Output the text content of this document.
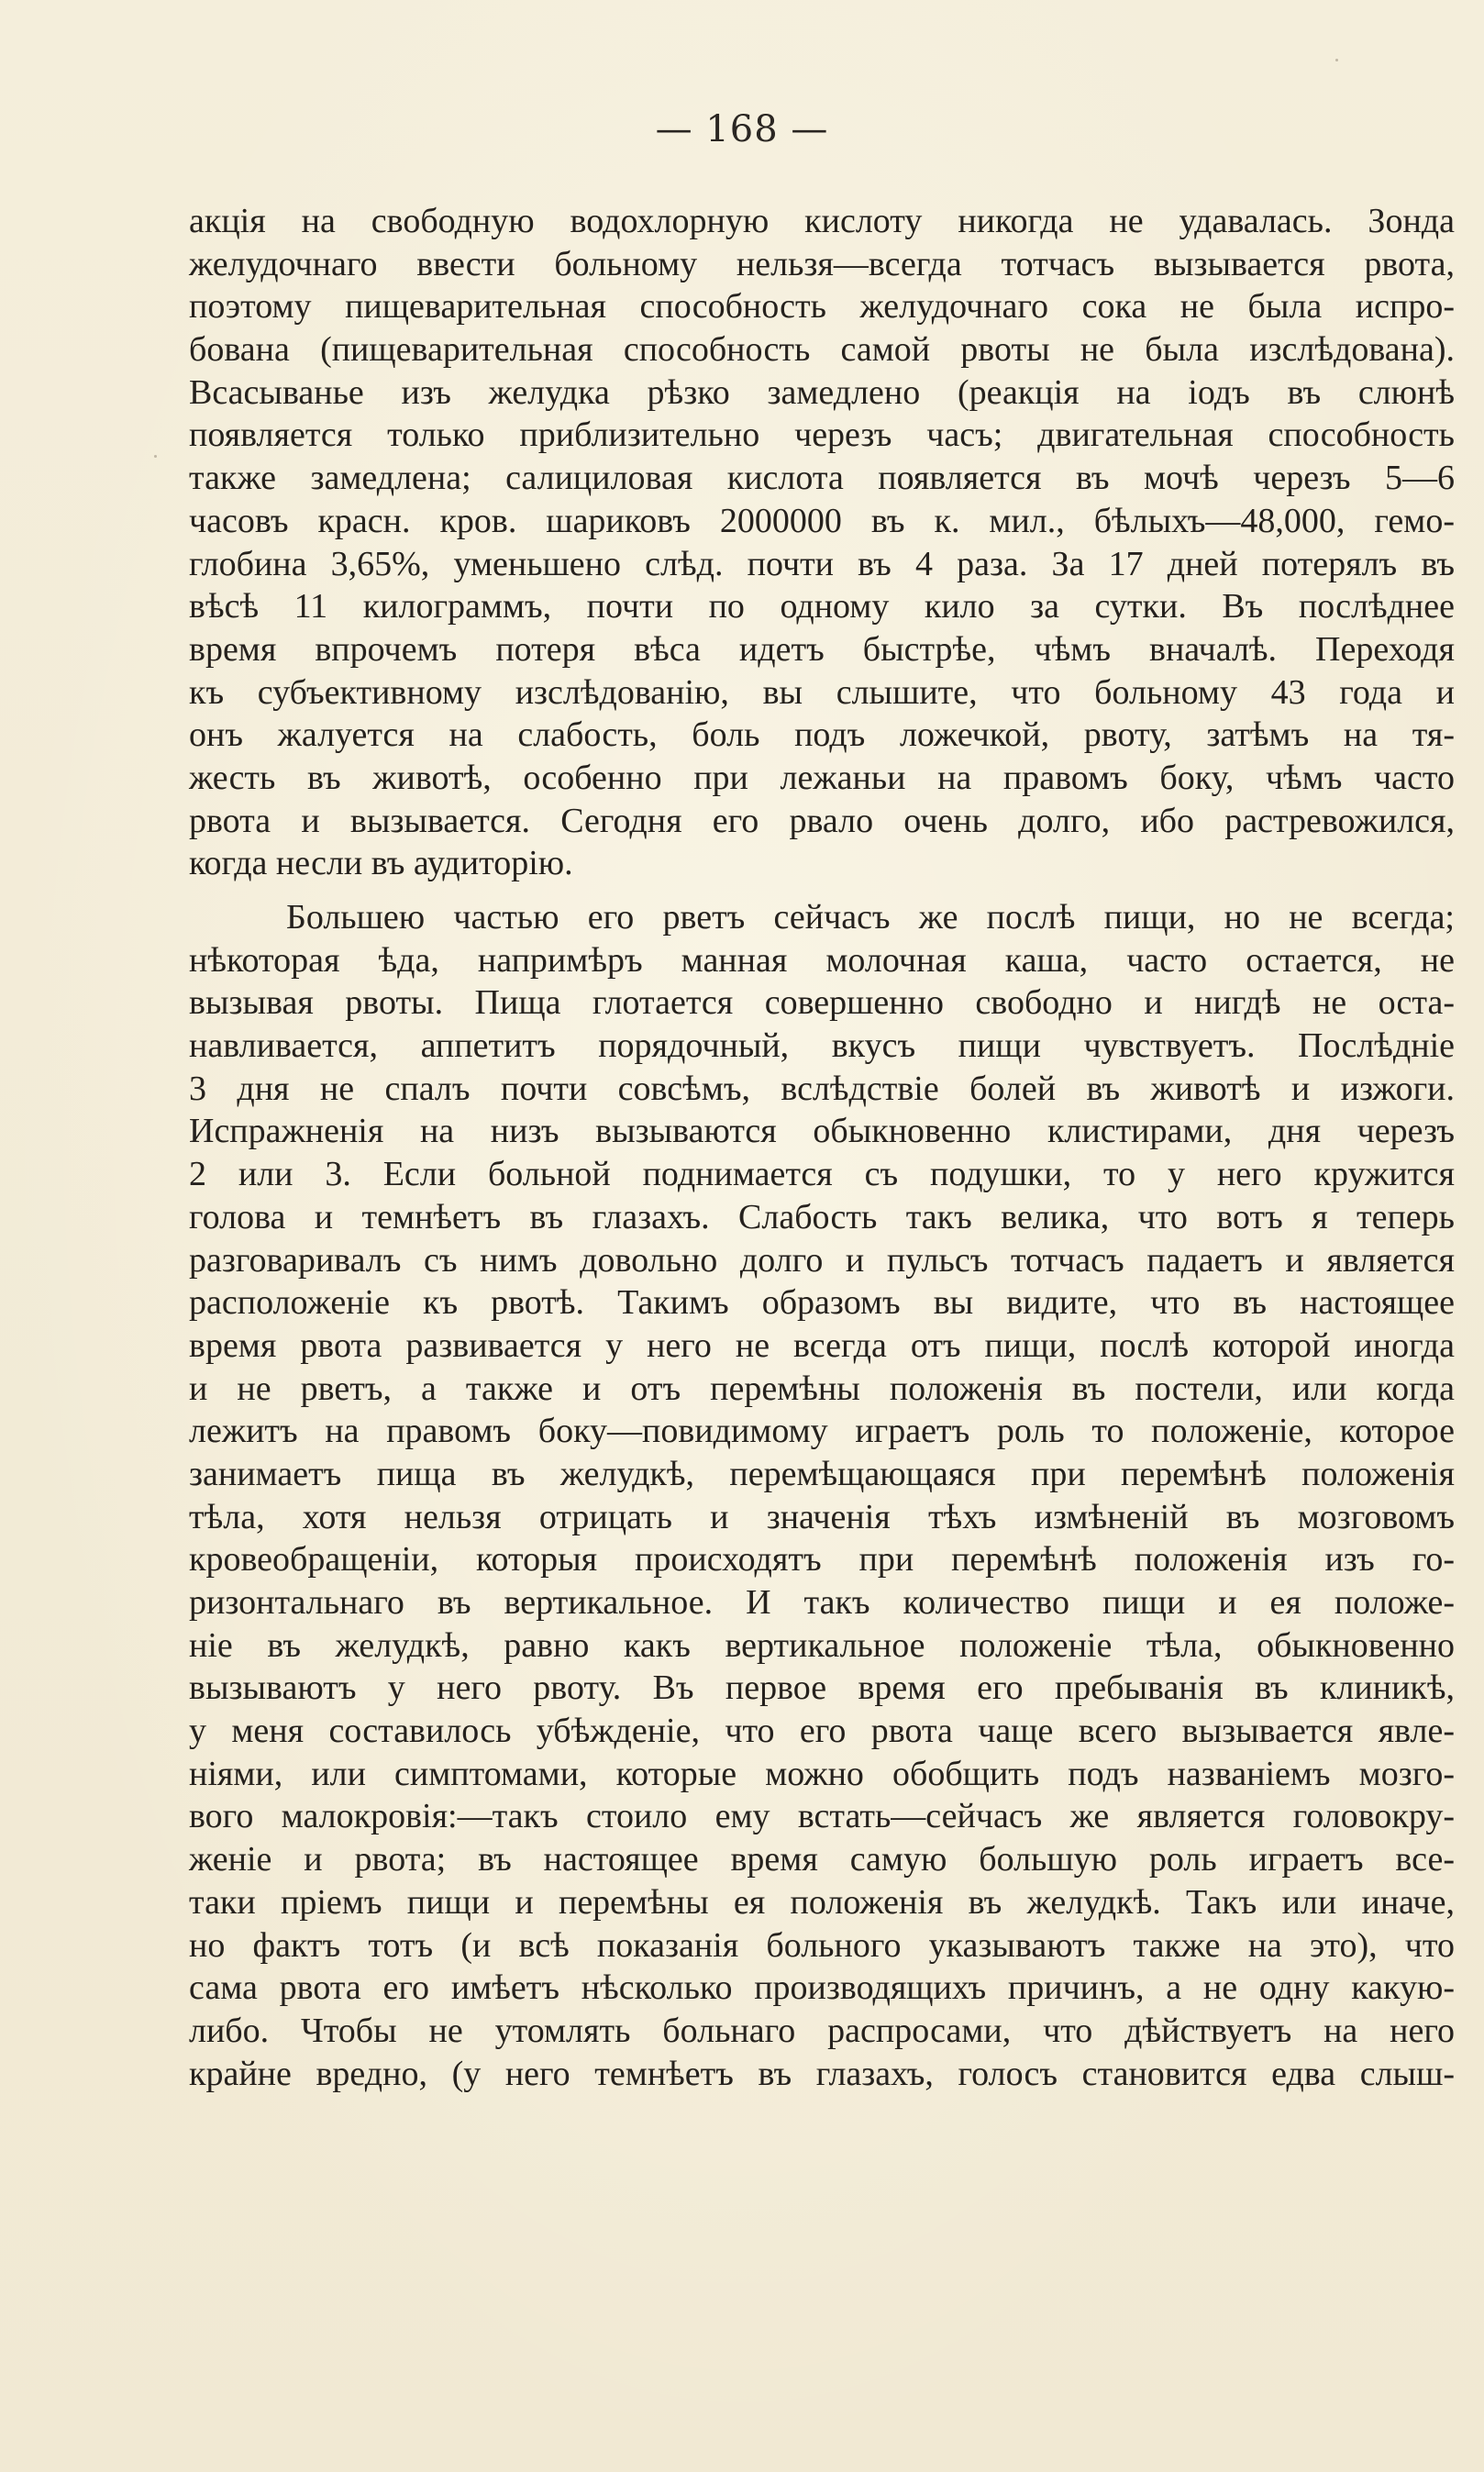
— 168 —
акція на свободную водохлорную кислоту никогда не удавалась. Зонда
желудочнаго ввести больному нельзя—всегда тотчасъ вызывается рвота,
поэтому пищеварительная способность желудочнаго сока не была испро-
бована (пищеварительная способность самой рвоты не была изслѣдована).
Всасыванье изъ желудка рѣзко замедлено (реакція на іодъ въ слюнѣ
появляется только приблизительно черезъ часъ; двигательная способность
также замедлена; салициловая кислота появляется въ мочѣ черезъ 5—6
часовъ красн. кров. шариковъ 2000000 въ к. мил., бѣлыхъ—48,000, гемо-
глобина 3,65%, уменьшено слѣд. почти въ 4 раза. За 17 дней потерялъ въ
вѣсѣ 11 килограммъ, почти по одному кило за сутки. Въ послѣднее
время впрочемъ потеря вѣса идетъ быстрѣе, чѣмъ вначалѣ. Переходя
къ субъективному изслѣдованію, вы слышите, что больному 43 года и
онъ жалуется на слабость, боль подъ ложечкой, рвоту, затѣмъ на тя-
жесть въ животѣ, особенно при лежаньи на правомъ боку, чѣмъ часто
рвота и вызывается. Сегодня его рвало очень долго, ибо растревожился,
когда несли въ аудиторію.
Большею частью его рветъ сейчасъ же послѣ пищи, но не всегда;
нѣкоторая ѣда, напримѣръ манная молочная каша, часто остается, не
вызывая рвоты. Пища глотается совершенно свободно и нигдѣ не оста-
навливается, аппетитъ порядочный, вкусъ пищи чувствуетъ. Послѣдніе
3 дня не спалъ почти совсѣмъ, вслѣдствіе болей въ животѣ и изжоги.
Испражненія на низъ вызываются обыкновенно клистирами, дня черезъ
2 или 3. Если больной поднимается съ подушки, то у него кружится
голова и темнѣетъ въ глазахъ. Слабость такъ велика, что вотъ я теперь
разговаривалъ съ нимъ довольно долго и пульсъ тотчасъ падаетъ и является
расположеніе къ рвотѣ. Такимъ образомъ вы видите, что въ настоящее
время рвота развивается у него не всегда отъ пищи, послѣ которой иногда
и не рветъ, а также и отъ перемѣны положенія въ постели, или когда
лежитъ на правомъ боку—повидимому играетъ роль то положеніе, которое
занимаетъ пища въ желудкѣ, перемѣщающаяся при перемѣнѣ положенія
тѣла, хотя нельзя отрицать и значенія тѣхъ измѣненій въ мозговомъ
кровеобращеніи, которыя происходятъ при перемѣнѣ положенія изъ го-
ризонтальнаго въ вертикальное. И такъ количество пищи и ея положе-
ніе въ желудкѣ, равно какъ вертикальное положеніе тѣла, обыкновенно
вызываютъ у него рвоту. Въ первое время его пребыванія въ клиникѣ,
у меня составилось убѣжденіе, что его рвота чаще всего вызывается явле-
ніями, или симптомами, которые можно обобщить подъ названіемъ мозго-
вого малокровія:—такъ стоило ему встать—сейчасъ же является головокру-
женіе и рвота; въ настоящее время самую большую роль играетъ все-
таки пріемъ пищи и перемѣны ея положенія въ желудкѣ. Такъ или иначе,
но фактъ тотъ (и всѣ показанія больного указываютъ также на это), что
сама рвота его имѣетъ нѣсколько производящихъ причинъ, а не одну какую-
либо. Чтобы не утомлять больнаго распросами, что дѣйствуетъ на него
крайне вредно, (у него темнѣетъ въ глазахъ, голосъ становится едва слыш-
